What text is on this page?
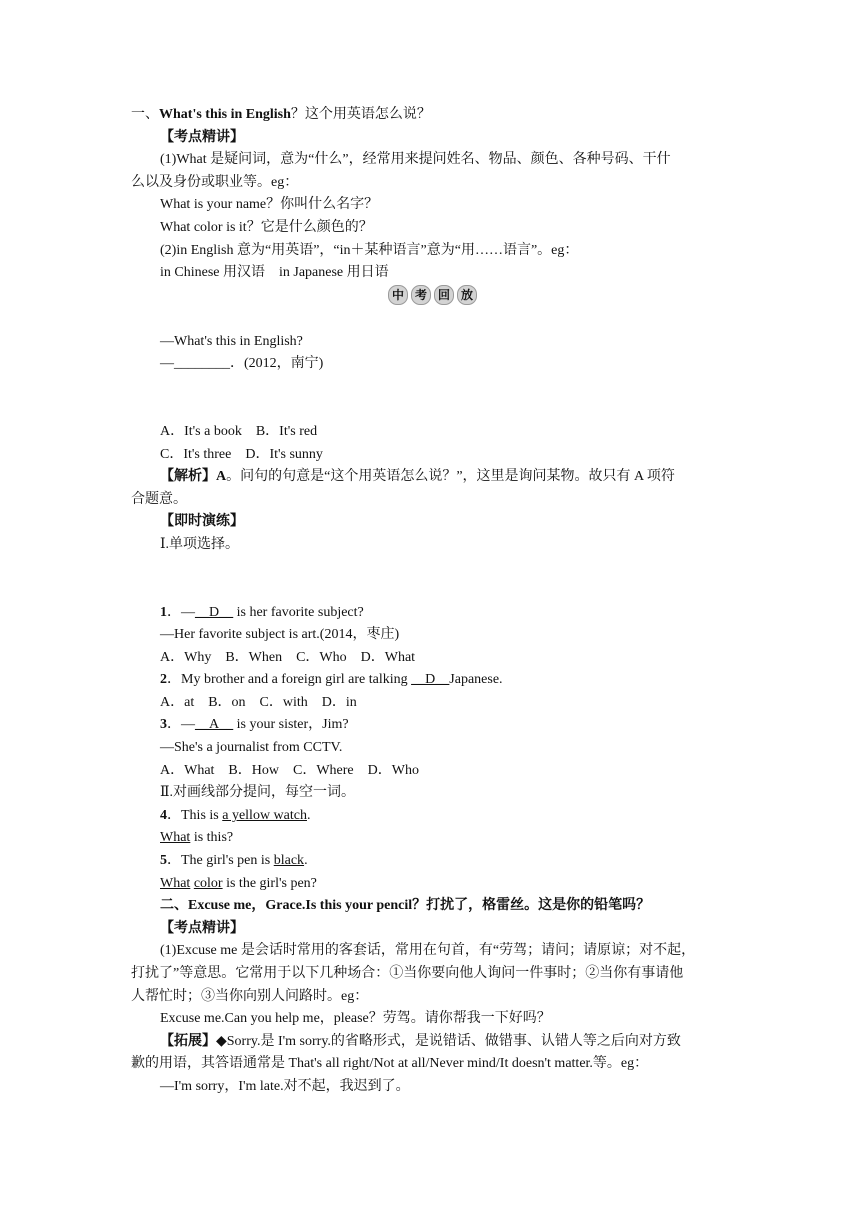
一、What's this in English？这个用英语怎么说？
【考点精讲】
(1)What 是疑问词，意为“什么”，经常用来提问姓名、物品、颜色、各种号码、干什
么以及身份或职业等。eg：
What is your name？你叫什么名字？
What color is it？它是什么颜色的？
(2)in English 意为“用英语”，“in＋某种语言”意为“用……语言”。eg：
in Chinese 用汉语　in Japanese 用日语
中 考 回 放
—What's this in English?
—________．(2012，南宁)
A．It's a book　B．It's red
C．It's three　D．It's sunny
【解析】A。问句的句意是“这个用英语怎么说？”，这里是询问某物。故只有 A 项符
合题意。
【即时演练】
Ⅰ.单项选择。
1．—__D__ is her favorite subject?
—Her favorite subject is art.(2014，枣庄)
A．Why　B．When　C．Who　D．What
2．My brother and a foreign girl are talking __D__Japanese.
A．at　B．on　C．with　D．in
3．—__A__ is your sister，Jim?
—She's a journalist from CCTV.
A．What　B．How　C．Where　D．Who
Ⅱ.对画线部分提问，每空一词。
4．This is a yellow watch.
What is this?
5．The girl's pen is black.
What color is the girl's pen?
二、Excuse me，Grace.Is this your pencil？打扰了，格雷丝。这是你的铅笔吗？
【考点精讲】
(1)Excuse me 是会话时常用的客套话，常用在句首，有“劳驾；请问；请原谅；对不起，
打扰了”等意思。它常用于以下几种场合：①当你要向他人询问一件事时；②当你有事请他
人帮忙时；③当你向别人问路时。eg：
Excuse me.Can you help me，please？劳驾。请你帮我一下好吗？
【拓展】◆Sorry.是 I'm sorry.的省略形式，是说错话、做错事、认错人等之后向对方致
歉的用语，其答语通常是 That's all right/Not at all/Never mind/It doesn't matter.等。eg：
—I'm sorry，I'm late.对不起，我迟到了。
